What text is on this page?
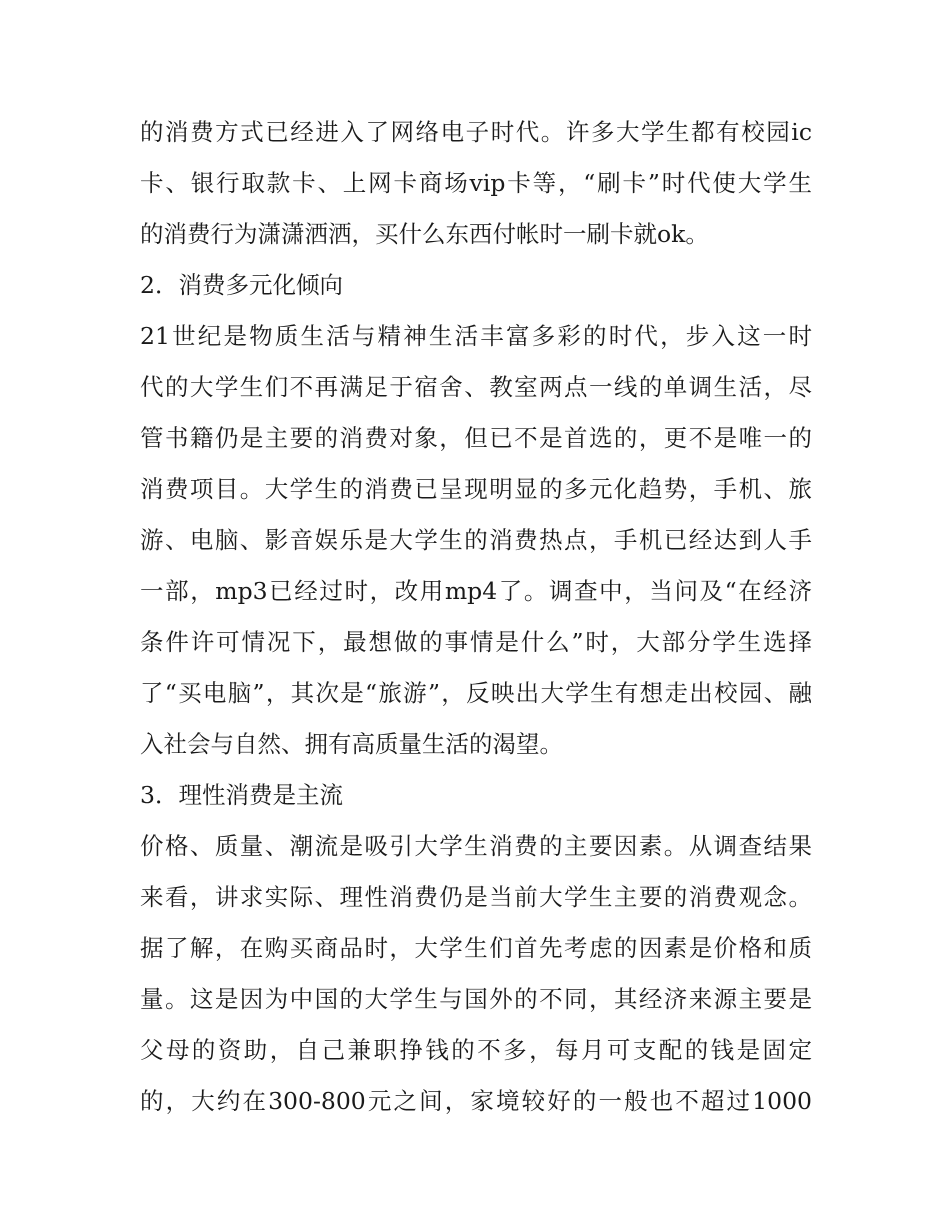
的消费方式已经进入了网络电子时代。许多大学生都有校园ic
卡、银行取款卡、上网卡商场vip卡等，“刷卡”时代使大学生
的消费行为潇潇洒洒，买什么东西付帐时一刷卡就ok。
2．消费多元化倾向
21世纪是物质生活与精神生活丰富多彩的时代，步入这一时
代的大学生们不再满足于宿舍、教室两点一线的单调生活，尽
管书籍仍是主要的消费对象，但已不是首选的，更不是唯一的
消费项目。大学生的消费已呈现明显的多元化趋势，手机、旅
游、电脑、影音娱乐是大学生的消费热点，手机已经达到人手
一部，mp3已经过时，改用mp4了。调查中，当问及“在经济
条件许可情况下，最想做的事情是什么”时，大部分学生选择
了“买电脑”，其次是“旅游”，反映出大学生有想走出校园、融
入社会与自然、拥有高质量生活的渴望。
3．理性消费是主流
价格、质量、潮流是吸引大学生消费的主要因素。从调查结果
来看，讲求实际、理性消费仍是当前大学生主要的消费观念。
据了解，在购买商品时，大学生们首先考虑的因素是价格和质
量。这是因为中国的大学生与国外的不同，其经济来源主要是
父母的资助，自己兼职挣钱的不多，每月可支配的钱是固定
的，大约在300-800元之间，家境较好的一般也不超过1000
